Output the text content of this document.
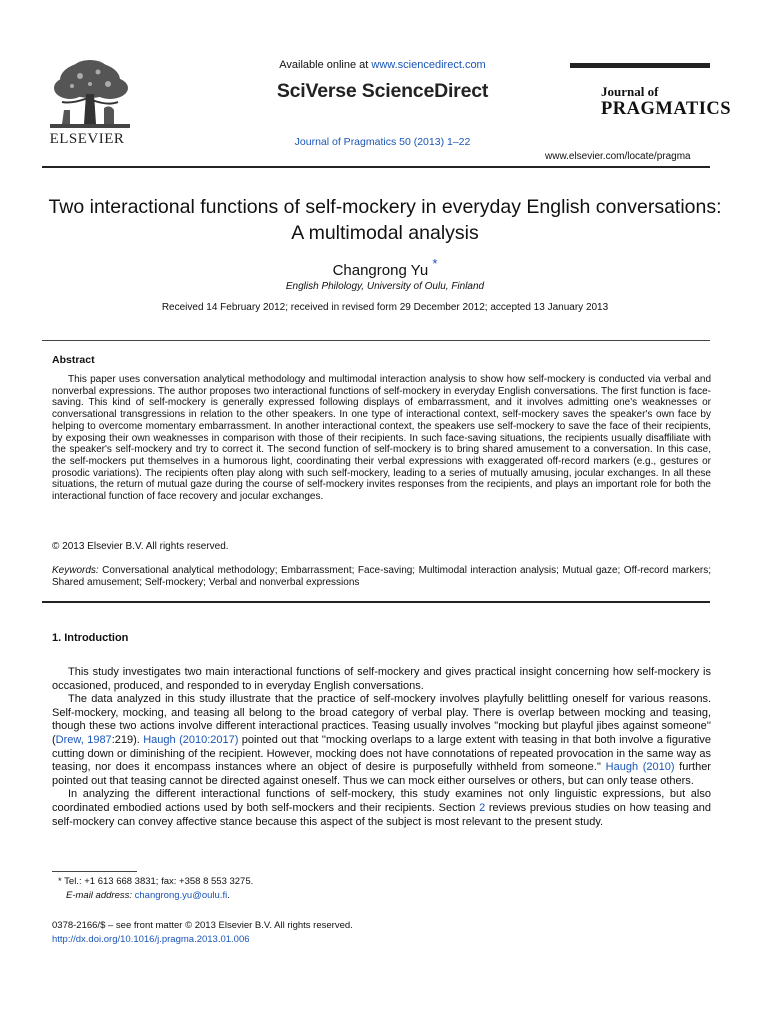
ELSEVIER
Available online at www.sciencedirect.com
SciVerse ScienceDirect
Journal of Pragmatics 50 (2013) 1–22
Journal of
PRAGMATICS
www.elsevier.com/locate/pragma
Two interactional functions of self-mockery in everyday English conversations: A multimodal analysis
Changrong Yu *
English Philology, University of Oulu, Finland
Received 14 February 2012; received in revised form 29 December 2012; accepted 13 January 2013
Abstract
This paper uses conversation analytical methodology and multimodal interaction analysis to show how self-mockery is conducted via verbal and nonverbal expressions. The author proposes two interactional functions of self-mockery in everyday English conversations. The first function is face-saving. This kind of self-mockery is generally expressed following displays of embarrassment, and it involves admitting one's weaknesses or conversational transgressions in relation to the other speakers. In one type of interactional context, self-mockery saves the speaker's own face by helping to overcome momentary embarrassment. In another interactional context, the speakers use self-mockery to save the face of their recipients, by exposing their own weaknesses in comparison with those of their recipients. In such face-saving situations, the recipients usually disaffiliate with the speaker's self-mockery and try to correct it. The second function of self-mockery is to bring shared amusement to a conversation. In this case, the self-mockers put themselves in a humorous light, coordinating their verbal expressions with exaggerated off-record markers (e.g., gestures or prosodic variations). The recipients often play along with such self-mockery, leading to a series of mutually amusing, jocular exchanges. In all these situations, the return of mutual gaze during the course of self-mockery invites responses from the recipients, and plays an important role for both the interactional function of face recovery and jocular exchanges.
© 2013 Elsevier B.V. All rights reserved.
Keywords: Conversational analytical methodology; Embarrassment; Face-saving; Multimodal interaction analysis; Mutual gaze; Off-record markers; Shared amusement; Self-mockery; Verbal and nonverbal expressions
1. Introduction

This study investigates two main interactional functions of self-mockery and gives practical insight concerning how self-mockery is occasioned, produced, and responded to in everyday English conversations.

The data analyzed in this study illustrate that the practice of self-mockery involves playfully belittling oneself for various reasons. Self-mockery, mocking, and teasing all belong to the broad category of verbal play. There is overlap between mocking and teasing, though these two actions involve different interactional practices. Teasing usually involves ''mocking but playful jibes against someone'' (Drew, 1987:219). Haugh (2010:2017) pointed out that ''mocking overlaps to a large extent with teasing in that both involve a figurative cutting down or diminishing of the recipient. However, mocking does not have connotations of repeated provocation in the same way as teasing, nor does it encompass instances where an object of desire is purposefully withheld from someone.'' Haugh (2010) further pointed out that teasing cannot be directed against oneself. Thus we can mock either ourselves or others, but can only tease others.

In analyzing the different interactional functions of self-mockery, this study examines not only linguistic expressions, but also coordinated embodied actions used by both self-mockers and their recipients. Section 2 reviews previous studies on how teasing and self-mockery can convey affective stance because this aspect of the subject is most relevant to the present study.

* Tel.: +1 613 668 3831; fax: +358 8 553 3275.
E-mail address: changrong.yu@oulu.fi.
0378-2166/$ – see front matter © 2013 Elsevier B.V. All rights reserved.
http://dx.doi.org/10.1016/j.pragma.2013.01.006
